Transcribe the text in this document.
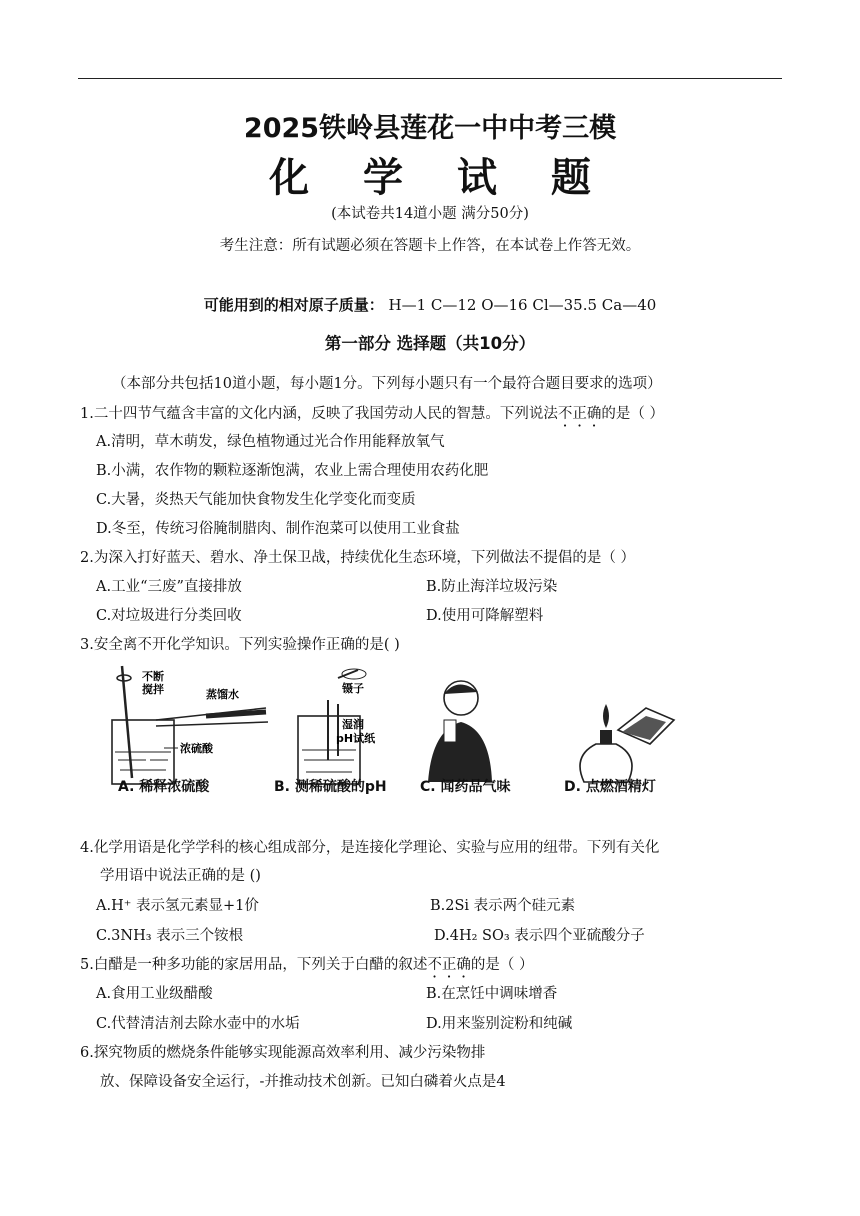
2025铁岭县莲花一中中考三模
化 学 试 题
(本试卷共14道小题 满分50分)
考生注意：所有试题必须在答题卡上作答，在本试卷上作答无效。
可能用到的相对原子质量： H—1 C—12 O—16 Cl—35.5 Ca—40
第一部分 选择题（共10分）
（本部分共包括10道小题，每小题1分。下列每小题只有一个最符合题目要求的选项）
1.二十四节气蕴含丰富的文化内涵，反映了我国劳动人民的智慧。下列说法不正确的是（ ）
A.清明，草木萌发，绿色植物通过光合作用能释放氧气
B.小满，农作物的颗粒逐渐饱满，农业上需合理使用农药化肥
C.大暑，炎热天气能加快食物发生化学变化而变质
D.冬至，传统习俗腌制腊肉、制作泡菜可以使用工业食盐
2.为深入打好蓝天、碧水、净土保卫战，持续优化生态环境，下列做法不提倡的是（ ）
A.工业“三废”直接排放	B.防止海洋垃圾污染
C.对垃圾进行分类回收	D.使用可降解塑料
3.安全离不开化学知识。下列实验操作正确的是( )
不断
搅拌	蒸馏水
浓硫酸
镊子
湿润
pH试纸
A. 稀释浓硫酸	B. 测稀硫酸的pH C. 闻药品气味	D. 点燃酒精灯
4.化学用语是化学学科的核心组成部分，是连接化学理论、实验与应用的纽带。下列有关化
学用语中说法正确的是 ()
A.H⁺ 表示氢元素显+1价	B.2Si 表示两个硅元素
C.3NH₃ 表示三个铵根	D.4H₂ SO₃ 表示四个亚硫酸分子
5.白醋是一种多功能的家居用品，下列关于白醋的叙述不正确的是（ ）
A.食用工业级醋酸	B.在烹饪中调味增香
C.代替清洁剂去除水壶中的水垢	D.用来鉴别淀粉和纯碱
6.探究物质的燃烧条件能够实现能源高效率利用、减少污染物排
放、保障设备安全运行，-并推动技术创新。已知白磷着火点是4
